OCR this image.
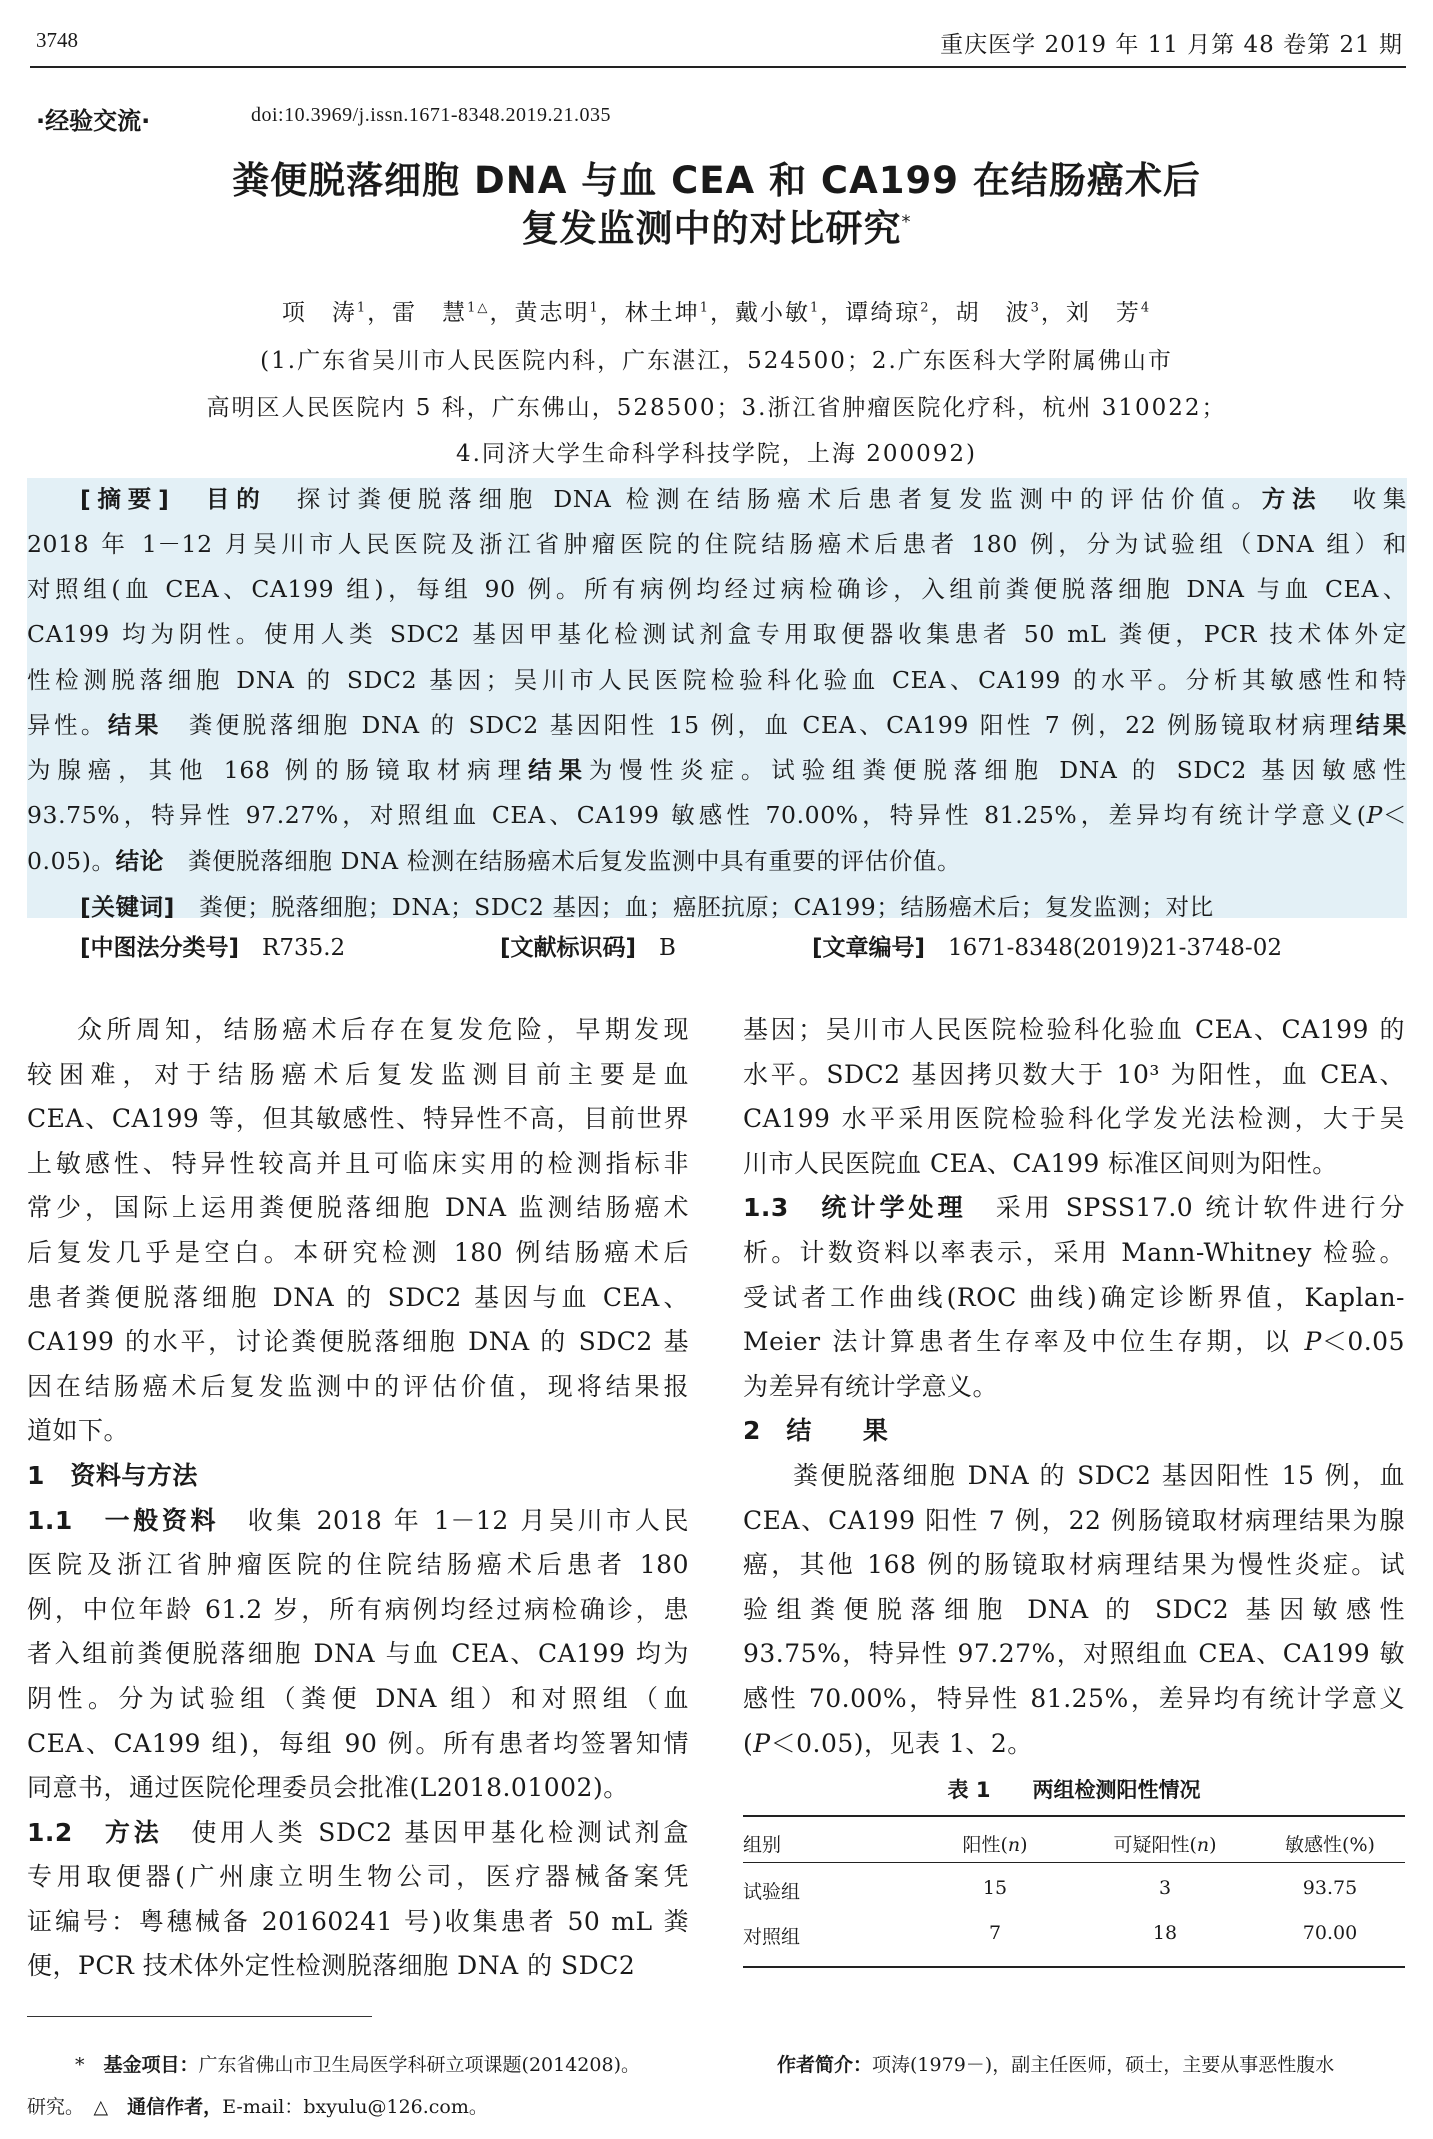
3748	重庆医学 2019 年 11 月第 48 卷第 21 期
·经验交流·	doi:10.3969/j.issn.1671-8348.2019.21.035
粪便脱落细胞 DNA 与血 CEA 和 CA199 在结肠癌术后
复发监测中的对比研究*
项　涛$^1$，雷　慧$^{1\triangle}$，黄志明$^1$，林土坤$^1$，戴小敏$^1$，谭绮琼$^2$，胡　波$^3$，刘　芳$^4$
(1.广东省吴川市人民医院内科，广东湛江，524500；2.广东医科大学附属佛山市
高明区人民医院内 5 科，广东佛山，528500；3.浙江省肿瘤医院化疗科，杭州 310022；
4.同济大学生命科学科技学院，上海 200092)
[摘要]　 目的　探讨粪便脱落细胞 DNA 检测在结肠癌术后患者复发监测中的评估价值。方法　收集
2018 年 1－12 月吴川市人民医院及浙江省肿瘤医院的住院结肠癌术后患者 180 例，分为试验组（DNA 组）和
对照组(血 CEA、CA199 组)，每组 90 例。所有病例均经过病检确诊，入组前粪便脱落细胞 DNA 与血 CEA、
CA199 均为阴性。使用人类 SDC2 基因甲基化检测试剂盒专用取便器收集患者 50 mL 粪便，PCR 技术体外定
性检测脱落细胞 DNA 的 SDC2 基因；吴川市人民医院检验科化验血 CEA、CA199 的水平。分析其敏感性和特
异性。结果　粪便脱落细胞 DNA 的 SDC2 基因阳性 15 例，血 CEA、CA199 阳性 7 例，22 例肠镜取材病理结果
为腺癌，其他 168 例的肠镜取材病理结果为慢性炎症。试验组粪便脱落细胞 DNA 的 SDC2 基因敏感性
93.75%，特异性 97.27%，对照组血 CEA、CA199 敏感性 70.00%，特异性 81.25%，差异均有统计学意义(P＜
0.05)。结论　粪便脱落细胞 DNA 检测在结肠癌术后复发监测中具有重要的评估价值。
[关键词]　 粪便；脱落细胞；DNA；SDC2 基因；血；癌胚抗原；CA199；结肠癌术后；复发监测；对比
[中图法分类号]　 R735.2	[文献标识码]　 B	[文章编号]　 1671-8348(2019)21-3748-02
众所周知，结肠癌术后存在复发危险，早期发现
较困难，对于结肠癌术后复发监测目前主要是血
CEA、CA199 等，但其敏感性、特异性不高，目前世界
上敏感性、特异性较高并且可临床实用的检测指标非
常少，国际上运用粪便脱落细胞 DNA 监测结肠癌术
后复发几乎是空白。本研究检测 180 例结肠癌术后
患者粪便脱落细胞 DNA 的 SDC2 基因与血 CEA、
CA199 的水平，讨论粪便脱落细胞 DNA 的 SDC2 基
因在结肠癌术后复发监测中的评估价值，现将结果报
道如下。
1　资料与方法
1.1　 一般资料　收集 2018 年 1－12 月吴川市人民
医院及浙江省肿瘤医院的住院结肠癌术后患者 180
例，中位年龄 61.2 岁，所有病例均经过病检确诊，患
者入组前粪便脱落细胞 DNA 与血 CEA、CA199 均为
阴性。分为试验组（粪便 DNA 组）和对照组（血
CEA、CA199 组)，每组 90 例。所有患者均签署知情
同意书，通过医院伦理委员会批准(L2018.01002)。
1.2　 方法　使用人类 SDC2 基因甲基化检测试剂盒
专用取便器(广州康立明生物公司，医疗器械备案凭
证编号：粤穗械备 20160241 号)收集患者 50 mL 粪
便，PCR 技术体外定性检测脱落细胞 DNA 的 SDC2
基因；吴川市人民医院检验科化验血 CEA、CA199 的
水平。SDC2 基因拷贝数大于 10³ 为阳性，血 CEA、
CA199 水平采用医院检验科化学发光法检测，大于吴
川市人民医院血 CEA、CA199 标准区间则为阳性。
1.3　 统计学处理　采用 SPSS17.0 统计软件进行分
析。计数资料以率表示，采用 Mann-Whitney 检验。
受试者工作曲线(ROC 曲线)确定诊断界值，Kaplan-
Meier 法计算患者生存率及中位生存期，以 P＜0.05
为差异有统计学意义。
2　结　　果
粪便脱落细胞 DNA 的 SDC2 基因阳性 15 例，血
CEA、CA199 阳性 7 例，22 例肠镜取材病理结果为腺
癌，其他 168 例的肠镜取材病理结果为慢性炎症。试
验组粪便脱落细胞 DNA 的 SDC2 基因敏感性
93.75%，特异性 97.27%，对照组血 CEA、CA199 敏
感性 70.00%，特异性 81.25%，差异均有统计学意义
(P＜0.05)，见表 1、2。
表 1　　两组检测阳性情况
组别	阳性(n)	可疑阳性(n)	敏感性(%)
试验组	15	3	93.75
对照组	7	18	70.00
*　 基金项目：广东省佛山市卫生局医学科研立项课题(2014208)。	作者简介：项涛(1979－)，副主任医师，硕士，主要从事恶性腹水
研究。　 △　 通信作者，E-mail：bxyulu@126.com。
